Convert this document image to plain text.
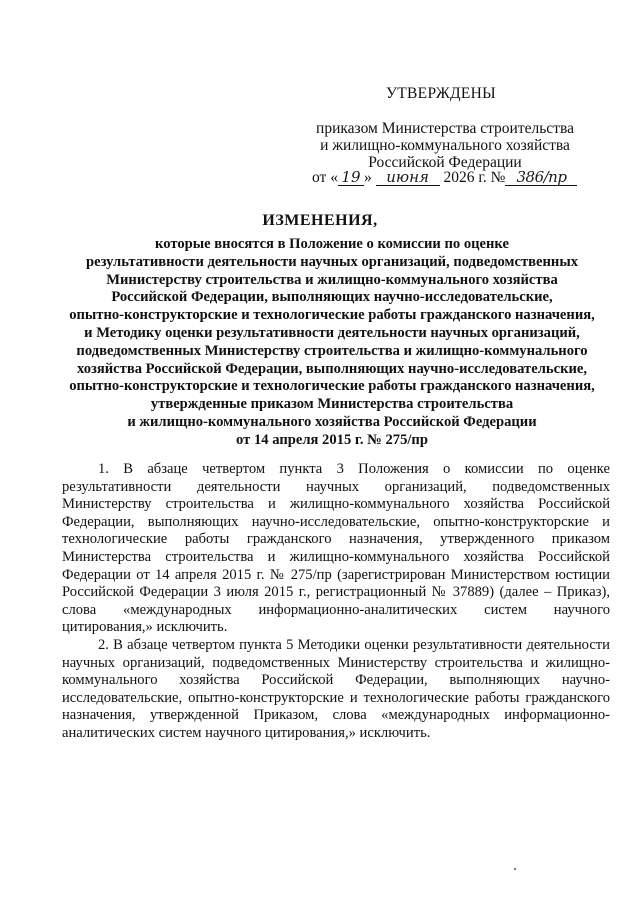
УТВЕРЖДЕНЫ
приказом Министерства строительства
и жилищно-коммунального хозяйства
Российской Федерации
от « 19 » июня 2026 г. № 386/пр
ИЗМЕНЕНИЯ,
которые вносятся в Положение о комиссии по оценке
результативности деятельности научных организаций, подведомственных
Министерству строительства и жилищно-коммунального хозяйства
Российской Федерации, выполняющих научно-исследовательские,
опытно-конструкторские и технологические работы гражданского назначения,
и Методику оценки результативности деятельности научных организаций,
подведомственных Министерству строительства и жилищно-коммунального
хозяйства Российской Федерации, выполняющих научно-исследовательские,
опытно-конструкторские и технологические работы гражданского назначения,
утвержденные приказом Министерства строительства
и жилищно-коммунального хозяйства Российской Федерации
от 14 апреля 2015 г. № 275/пр

1. В абзаце четвертом пункта 3 Положения о комиссии по оценке результативности деятельности научных организаций, подведомственных Министерству строительства и жилищно-коммунального хозяйства Российской Федерации, выполняющих научно-исследовательские, опытно-конструкторские и технологические работы гражданского назначения, утвержденного приказом Министерства строительства и жилищно-коммунального хозяйства Российской Федерации от 14 апреля 2015 г. № 275/пр (зарегистрирован Министерством юстиции Российской Федерации 3 июля 2015 г., регистрационный № 37889) (далее – Приказ), слова «международных информационно-аналитических систем научного цитирования,» исключить.

2. В абзаце четвертом пункта 5 Методики оценки результативности деятельности научных организаций, подведомственных Министерству строительства и жилищно-коммунального хозяйства Российской Федерации, выполняющих научно-исследовательские, опытно-конструкторские и технологические работы гражданского назначения, утвержденной Приказом, слова «международных информационно-аналитических систем научного цитирования,» исключить.
